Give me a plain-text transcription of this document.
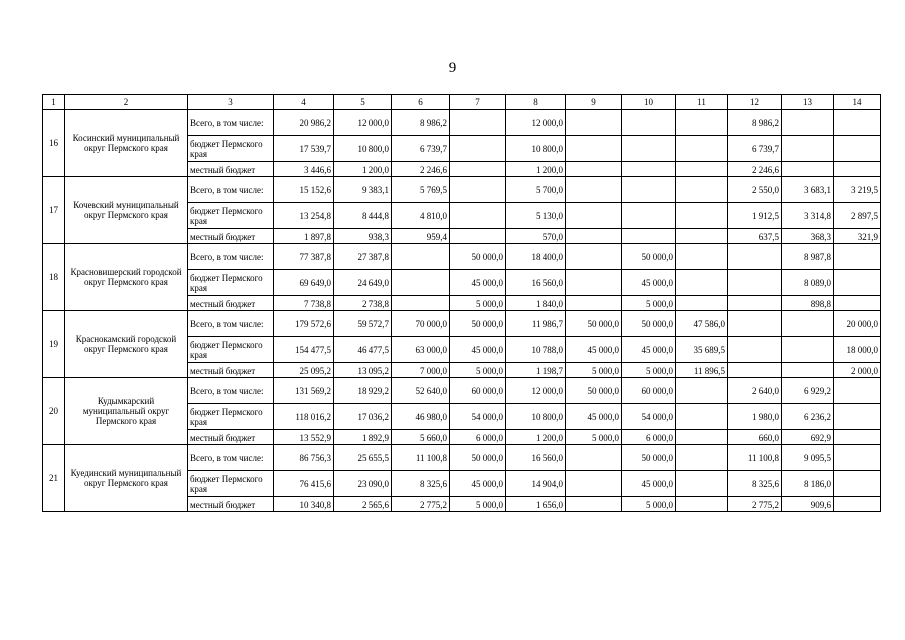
9
1	2	3	4	5	6	7	8	9	10	11	12	13	14
16	Косинский муниципальный округ Пермского края	Всего, в том числе:	20 986,2	12 000,0	8 986,2		12 000,0				8 986,2		
		бюджет Пермского края	17 539,7	10 800,0	6 739,7		10 800,0				6 739,7		
		местный бюджет	3 446,6	1 200,0	2 246,6		1 200,0				2 246,6		
17	Кочевский муниципальный округ Пермского края	Всего, в том числе:	15 152,6	9 383,1	5 769,5		5 700,0				2 550,0	3 683,1	3 219,5
		бюджет Пермского края	13 254,8	8 444,8	4 810,0		5 130,0				1 912,5	3 314,8	2 897,5
		местный бюджет	1 897,8	938,3	959,4		570,0				637,5	368,3	321,9
18	Красновишерский городской округ Пермского края	Всего, в том числе:	77 387,8	27 387,8		50 000,0	18 400,0		50 000,0			8 987,8	
		бюджет Пермского края	69 649,0	24 649,0		45 000,0	16 560,0		45 000,0			8 089,0	
		местный бюджет	7 738,8	2 738,8		5 000,0	1 840,0		5 000,0			898,8	
19	Краснокамский городской округ Пермского края	Всего, в том числе:	179 572,6	59 572,7	70 000,0	50 000,0	11 986,7	50 000,0	50 000,0	47 586,0			20 000,0
		бюджет Пермского края	154 477,5	46 477,5	63 000,0	45 000,0	10 788,0	45 000,0	45 000,0	35 689,5			18 000,0
		местный бюджет	25 095,2	13 095,2	7 000,0	5 000,0	1 198,7	5 000,0	5 000,0	11 896,5			2 000,0
20	Кудымкарский муниципальный округ Пермского края	Всего, в том числе:	131 569,2	18 929,2	52 640,0	60 000,0	12 000,0	50 000,0	60 000,0		2 640,0	6 929,2	
		бюджет Пермского края	118 016,2	17 036,2	46 980,0	54 000,0	10 800,0	45 000,0	54 000,0		1 980,0	6 236,2	
		местный бюджет	13 552,9	1 892,9	5 660,0	6 000,0	1 200,0	5 000,0	6 000,0		660,0	692,9	
21	Куединский муниципальный округ Пермского края	Всего, в том числе:	86 756,3	25 655,5	11 100,8	50 000,0	16 560,0		50 000,0		11 100,8	9 095,5	
		бюджет Пермского края	76 415,6	23 090,0	8 325,6	45 000,0	14 904,0		45 000,0		8 325,6	8 186,0	
		местный бюджет	10 340,8	2 565,6	2 775,2	5 000,0	1 656,0		5 000,0		2 775,2	909,6	
